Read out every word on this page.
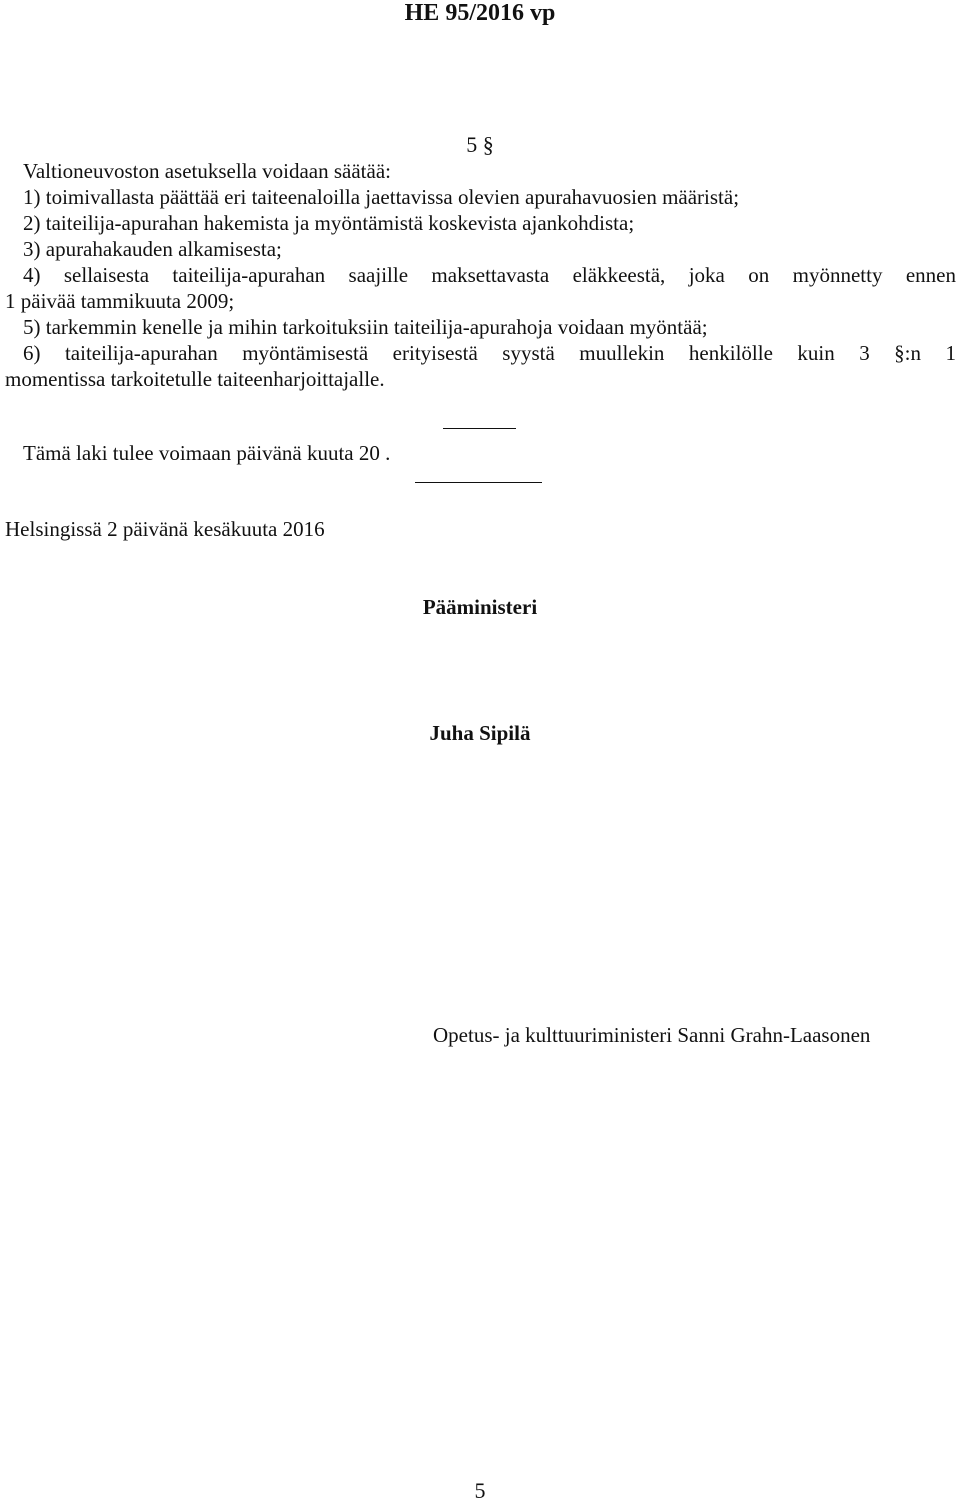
HE 95/2016 vp
5 §
Valtioneuvoston asetuksella voidaan säätää:
1) toimivallasta päättää eri taiteenaloilla jaettavissa olevien apurahavuosien määristä;
2) taiteilija-apurahan hakemista ja myöntämistä koskevista ajankohdista;
3) apurahakauden alkamisesta;
4) sellaisesta taiteilija-apurahan saajille maksettavasta eläkkeestä, joka on myönnetty ennen
1 päivää tammikuuta 2009;
5) tarkemmin kenelle ja mihin tarkoituksiin taiteilija-apurahoja voidaan myöntää;
6) taiteilija-apurahan myöntämisestä erityisestä syystä muullekin henkilölle kuin 3 §:n 1
momentissa tarkoitetulle taiteenharjoittajalle.
Tämä laki tulee voimaan päivänä kuuta 20 .
Helsingissä 2 päivänä kesäkuuta 2016
Pääministeri
Juha Sipilä
Opetus- ja kulttuuriministeri Sanni Grahn-Laasonen
5
